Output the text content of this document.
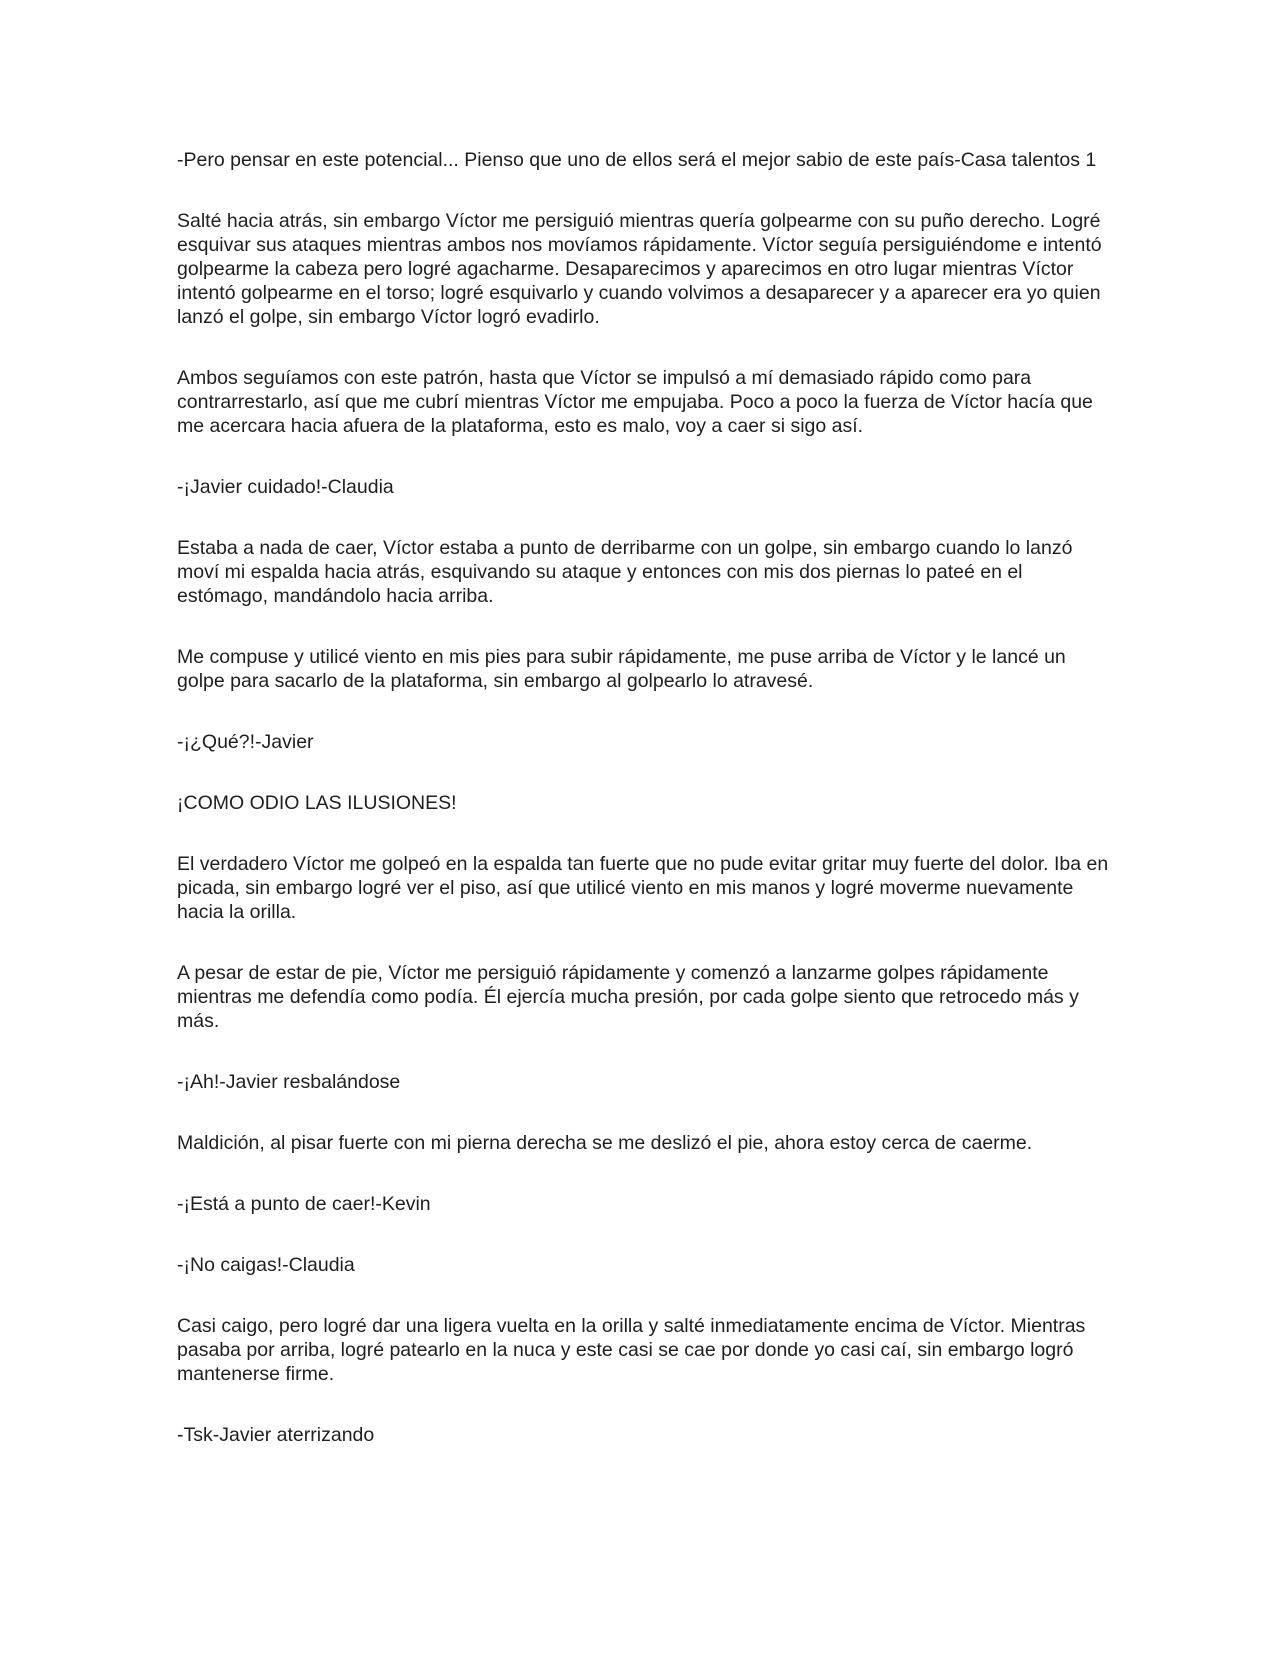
-Pero pensar en este potencial... Pienso que uno de ellos será el mejor sabio de este país-Casa talentos 1

Salté hacia atrás, sin embargo Víctor me persiguió mientras quería golpearme con su puño derecho. Logré esquivar sus ataques mientras ambos nos movíamos rápidamente. Víctor seguía persiguiéndome e intentó golpearme la cabeza pero logré agacharme. Desaparecimos y aparecimos en otro lugar mientras Víctor intentó golpearme en el torso; logré esquivarlo y cuando volvimos a desaparecer y a aparecer era yo quien lanzó el golpe, sin embargo Víctor logró evadirlo.

Ambos seguíamos con este patrón, hasta que Víctor se impulsó a mí demasiado rápido como para contrarrestarlo, así que me cubrí mientras Víctor me empujaba. Poco a poco la fuerza de Víctor hacía que me acercara hacia afuera de la plataforma, esto es malo, voy a caer si sigo así.

-¡Javier cuidado!-Claudia

Estaba a nada de caer, Víctor estaba a punto de derribarme con un golpe, sin embargo cuando lo lanzó moví mi espalda hacia atrás, esquivando su ataque y entonces con mis dos piernas lo pateé en el estómago, mandándolo hacia arriba.

Me compuse y utilicé viento en mis pies para subir rápidamente, me puse arriba de Víctor y le lancé un golpe para sacarlo de la plataforma, sin embargo al golpearlo lo atravesé.

-¡¿Qué?!-Javier

¡COMO ODIO LAS ILUSIONES!

El verdadero Víctor me golpeó en la espalda tan fuerte que no pude evitar gritar muy fuerte del dolor. Iba en picada, sin embargo logré ver el piso, así que utilicé viento en mis manos y logré moverme nuevamente hacia la orilla.

A pesar de estar de pie, Víctor me persiguió rápidamente y comenzó a lanzarme golpes rápidamente mientras me defendía como podía. Él ejercía mucha presión, por cada golpe siento que retrocedo más y más.

-¡Ah!-Javier resbalándose

Maldición, al pisar fuerte con mi pierna derecha se me deslizó el pie, ahora estoy cerca de caerme.

-¡Está a punto de caer!-Kevin

-¡No caigas!-Claudia

Casi caigo, pero logré dar una ligera vuelta en la orilla y salté inmediatamente encima de Víctor. Mientras pasaba por arriba, logré patearlo en la nuca y este casi se cae por donde yo casi caí, sin embargo logró mantenerse firme.

-Tsk-Javier aterrizando
